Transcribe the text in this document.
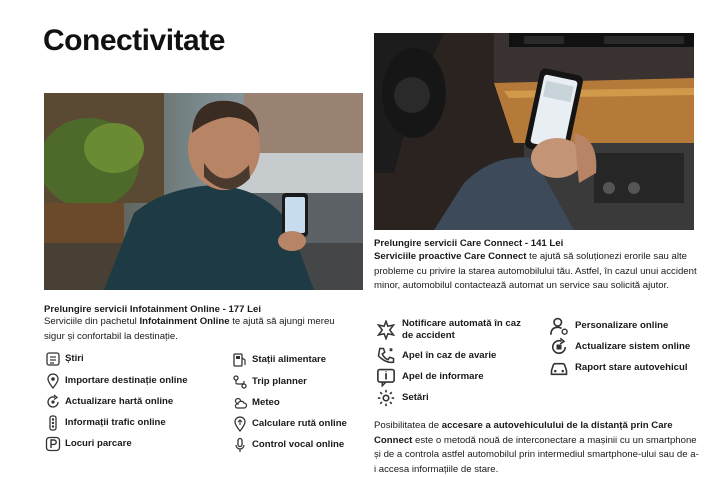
Conectivitate
Prelungire servicii Infotainment Online - 177 Lei
Serviciile din pachetul Infotainment Online te ajută să ajungi mereu sigur și confortabil la destinație.
Știri
Importare destinație online
Actualizare hartă online
Informații trafic online
Locuri parcare
Stații alimentare
Trip planner
Meteo
Calculare rută online
Control vocal online
Prelungire servicii Care Connect - 141 Lei
Serviciile proactive Care Connect te ajută să soluționezi erorile sau alte probleme cu privire la starea automobilului tău. Astfel, în cazul unui accident minor, automobilul contactează automat un service sau solicită ajutor.
Notificare automată în caz de accident
Apel în caz de avarie
Apel de informare
Setări
Personalizare online
Actualizare sistem online
Raport stare autovehicul
Posibilitatea de accesare a autovehiculului de la distanță prin Care Connect este o metodă nouă de interconectare a mașinii cu un smartphone și de a controla astfel automobilul prin intermediul smartphone-ului sau de a-i accesa informațiile de stare.
